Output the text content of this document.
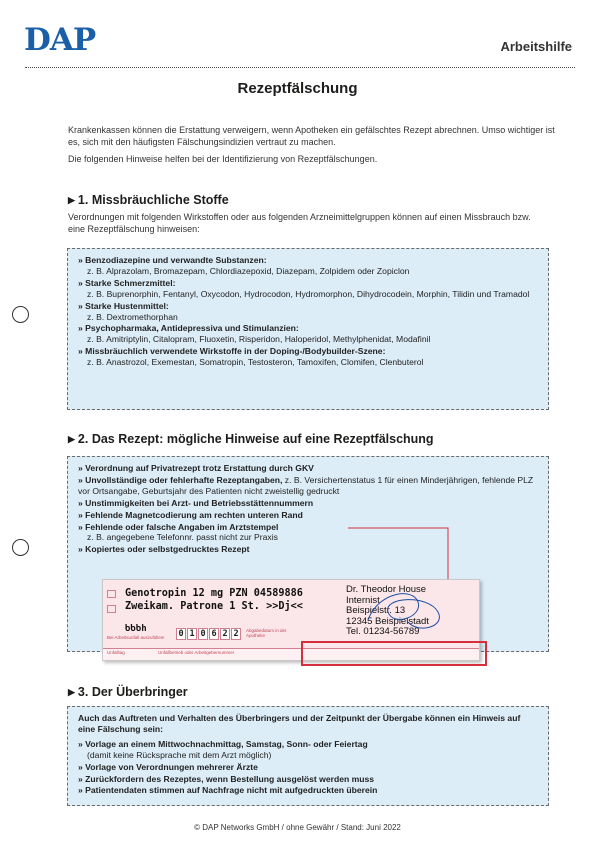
DAP	Arbeitshilfe
Rezeptfälschung

Krankenkassen können die Erstattung verweigern, wenn Apotheken ein gefälschtes Rezept abrechnen. Umso wichtiger ist es, sich mit den häufigsten Fälschungsindizien vertraut zu machen.

Die folgenden Hinweise helfen bei der Identifizierung von Rezeptfälschungen.

▶ 1. Missbräuchliche Stoffe
Verordnungen mit folgenden Wirkstoffen oder aus folgenden Arzneimittelgruppen können auf einen Missbrauch bzw. eine Rezeptfälschung hinweisen:
» Benzodiazepine und verwandte Substanzen:
z. B. Alprazolam, Bromazepam, Chlordiazepoxid, Diazepam, Zolpidem oder Zopiclon
» Starke Schmerzmittel:
z. B. Buprenorphin, Fentanyl, Oxycodon, Hydrocodon, Hydromorphon, Dihydrocodein, Morphin, Tilidin und Tramadol
» Starke Hustenmittel:
z. B. Dextromethorphan
» Psychopharmaka, Antidepressiva und Stimulanzien:
z. B. Amitriptylin, Citalopram, Fluoxetin, Risperidon, Haloperidol, Methylphenidat, Modafinil
» Missbräuchlich verwendete Wirkstoffe in der Doping-/Bodybuilder-Szene:
z. B. Anastrozol, Exemestan, Somatropin, Testosteron, Tamoxifen, Clomifen, Clenbuterol
▶ 2. Das Rezept: mögliche Hinweise auf eine Rezeptfälschung
» Verordnung auf Privatrezept trotz Erstattung durch GKV
» Unvollständige oder fehlerhafte Rezeptangaben, z. B. Versichertenstatus 1 für einen Minderjährigen, fehlende PLZ vor Ortsangabe, Geburtsjahr des Patienten nicht zweistellig gedruckt
» Unstimmigkeiten bei Arzt- und Betriebsstättennummern
» Fehlende Magnetcodierung am rechten unteren Rand
» Fehlende oder falsche Angaben im Arztstempel
z. B. angegebene Telefonnr. passt nicht zur Praxis
» Kopiertes oder selbstgedrucktes Rezept
Genotropin 12 mg PZN 04589886
Zweikam. Patrone 1 St. >>Dj<<
ხხხh
Bei Arbeitsunfall auszufüllen! 0 1 0 6 2 2	Abgabedatum in der Apotheke
Dr. Theodor House
Internist
Beispielstr. 13
12345 Beispielstadt
Tel. 01234-56789
Unfalltag	Unfallbetrieb oder Arbeitgebernummer
▶ 3. Der Überbringer
Auch das Auftreten und Verhalten des Überbringers und der Zeitpunkt der Übergabe können ein Hinweis auf eine Fälschung sein:
» Vorlage an einem Mittwochnachmittag, Samstag, Sonn- oder Feiertag
(damit keine Rücksprache mit dem Arzt möglich)
» Vorlage von Verordnungen mehrerer Ärzte
» Zurückfordern des Rezeptes, wenn Bestellung ausgelöst werden muss
» Patientendaten stimmen auf Nachfrage nicht mit aufgedruckten überein
© DAP Networks GmbH / ohne Gewähr / Stand: Juni 2022
